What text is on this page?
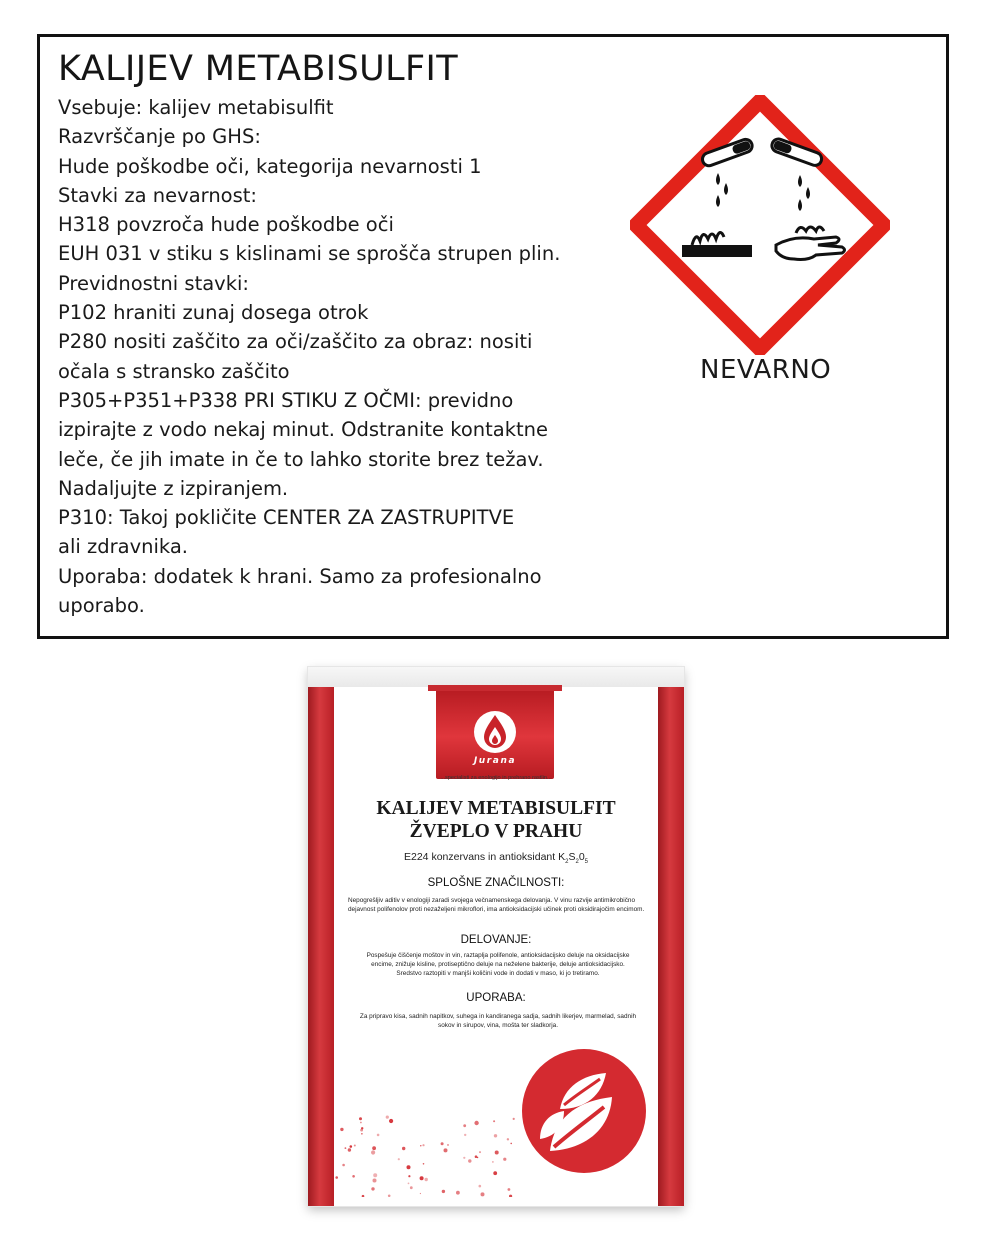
KALIJEV METABISULFIT
Vsebuje: kalijev metabisulfit
Razvrščanje po GHS:
Hude poškodbe oči, kategorija nevarnosti 1
Stavki za nevarnost:
H318 povzroča hude poškodbe oči
EUH 031 v stiku s kislinami se sprošča strupen plin.
Previdnostni stavki:
P102 hraniti zunaj dosega otrok
P280 nositi zaščito za oči/zaščito za obraz: nositi
očala s stransko zaščito
P305+P351+P338 PRI STIKU Z OČMI: previdno
izpirajte z vodo nekaj minut. Odstranite kontaktne
leče, če jih imate in če to lahko storite brez težav.
Nadaljujte z izpiranjem.
P310: Takoj pokličite CENTER ZA ZASTRUPITVE
ali zdravnika.
Uporaba: dodatek k hrani. Samo za profesionalno
uporabo.
NEVARNO
Jurana
...specialisti za enologijo in prehrano rastlin...
KALIJEV METABISULFIT
ŽVEPLO V PRAHU
E224 konzervans in antioksidant $K_2S_20_5$
SPLOŠNE ZNAČILNOSTI:
Nepogrešljiv aditiv v enologiji zaradi svojega večnamenskega delovanja. V vinu razvije antimikrobično dejavnost polifenolov proti nezaželjeni mikroflori, ima antioksidacijski učinek proti oksidirajočim encimom.
DELOVANJE:
Pospešuje čiščenje moštov in vin, raztaplja polifenole, antioksidacijsko deluje na oksidacijske encime, znižuje kisline, protiseptično deluje na neželene bakterije, deluje antioksidacijsko. Sredstvo raztopiti v manjši količini vode in dodati v maso, ki jo tretiramo.
UPORABA:
Za pripravo kisa, sadnih napitkov, suhega in kandiranega sadja, sadnih likerjev, marmelad, sadnih sokov in sirupov, vina, mošta ter sladkorja.
